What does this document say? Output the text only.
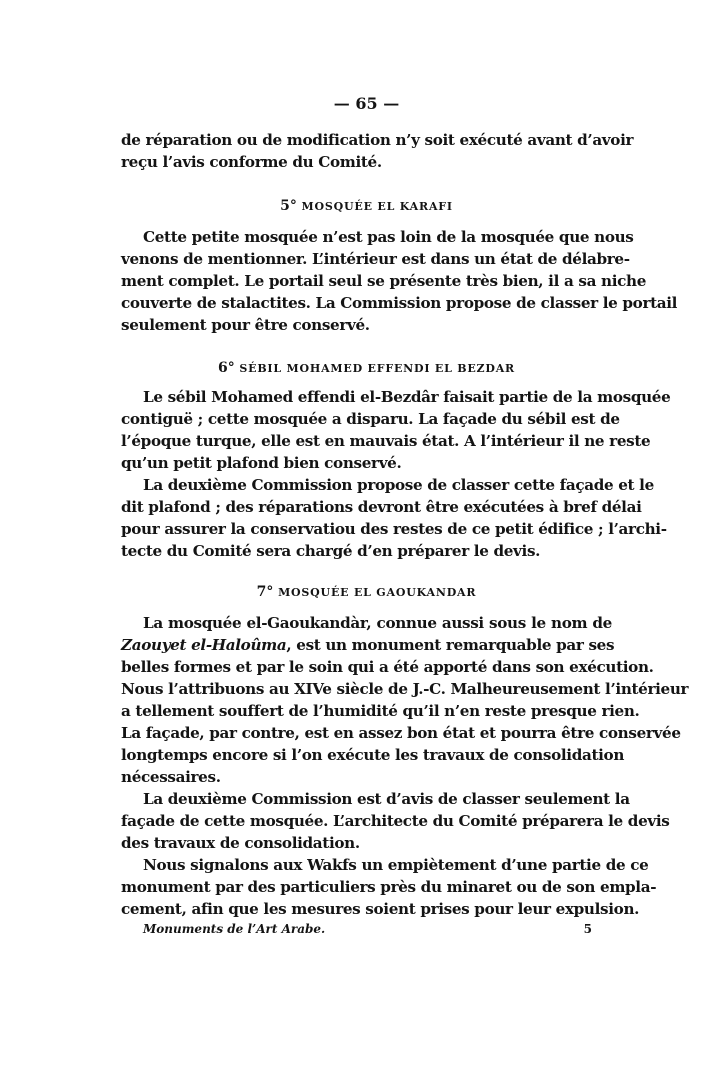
— 65 —
de réparation ou de modification n’y soit exécuté avant d’avoir
reçu l’avis conforme du Comité.
5° MOSQUÉE EL KARAFI
Cette petite mosquée n’est pas loin de la mosquée que nous
venons de mentionner. L’intérieur est dans un état de délabre-
ment complet. Le portail seul se présente très bien, il a sa niche
couverte de stalactites. La Commission propose de classer le portail
seulement pour être conservé.
6° SÉBIL MOHAMED EFFENDI EL BEZDAR
Le sébil Mohamed effendi el-Bezdâr faisait partie de la mosquée
contiguë ; cette mosquée a disparu. La façade du sébil est de
l’époque turque, elle est en mauvais état. A l’intérieur il ne reste
qu’un petit plafond bien conservé.
La deuxième Commission propose de classer cette façade et le
dit plafond ; des réparations devront être exécutées à bref délai
pour assurer la conservatiou des restes de ce petit édifice ; l’archi-
tecte du Comité sera chargé d’en préparer le devis.
7° MOSQUÉE EL GAOUKANDAR
La mosquée el-Gaoukandàr, connue aussi sous le nom de
Zaouyet el-Haloûma, est un monument remarquable par ses
belles formes et par le soin qui a été apporté dans son exécution.
Nous l’attribuons au XIVe siècle de J.-C. Malheureusement l’intérieur
a tellement souffert de l’humidité qu’il n’en reste presque rien.
La façade, par contre, est en assez bon état et pourra être conservée
longtemps encore si l’on exécute les travaux de consolidation
nécessaires.
La deuxième Commission est d’avis de classer seulement la
façade de cette mosquée. L’architecte du Comité préparera le devis
des travaux de consolidation.
Nous signalons aux Wakfs un empiètement d’une partie de ce
monument par des particuliers près du minaret ou de son empla-
cement, afin que les mesures soient prises pour leur expulsion.
Monuments de l’Art Arabe.	5
